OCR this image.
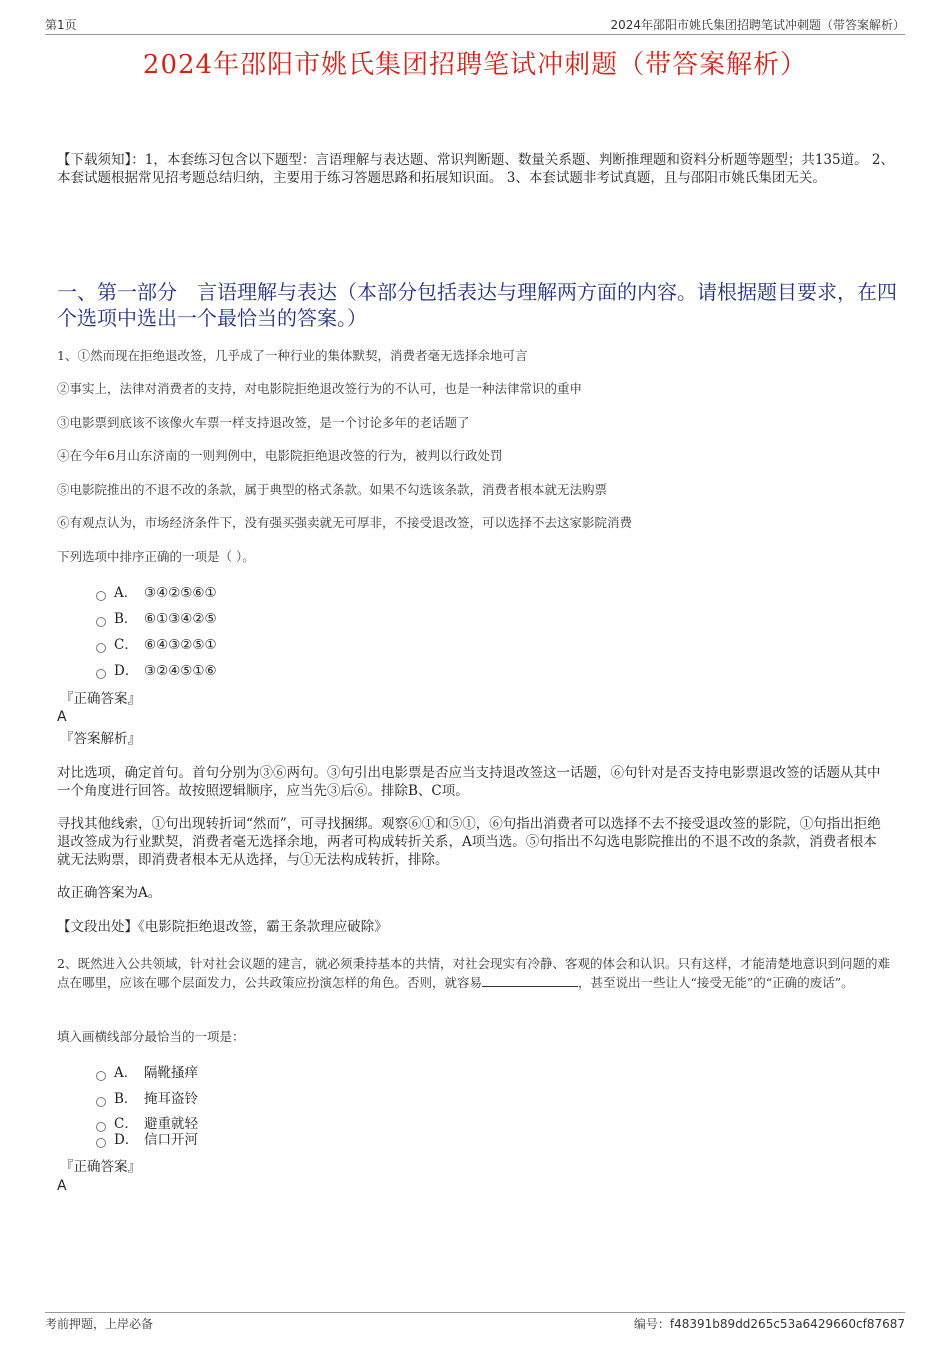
第1页	2024年邵阳市姚氏集团招聘笔试冲刺题（带答案解析）
2024年邵阳市姚氏集团招聘笔试冲刺题（带答案解析）
【下载须知】：1，本套练习包含以下题型：言语理解与表达题、常识判断题、数量关系题、判断推理题和资料分析题等题型；共135道。 2、本套试题根据常见招考题总结归纳，主要用于练习答题思路和拓展知识面。 3、本套试题非考试真题，且与邵阳市姚氏集团无关。
一、第一部分　言语理解与表达（本部分包括表达与理解两方面的内容。请根据题目要求，在四个选项中选出一个最恰当的答案。）
1、①然而现在拒绝退改签，几乎成了一种行业的集体默契，消费者毫无选择余地可言
②事实上，法律对消费者的支持，对电影院拒绝退改签行为的不认可，也是一种法律常识的重申
③电影票到底该不该像火车票一样支持退改签，是一个讨论多年的老话题了
④在今年6月山东济南的一则判例中，电影院拒绝退改签的行为，被判以行政处罚
⑤电影院推出的不退不改的条款，属于典型的格式条款。如果不勾选该条款，消费者根本就无法购票
⑥有观点认为，市场经济条件下，没有强买强卖就无可厚非，不接受退改签，可以选择不去这家影院消费
下列选项中排序正确的一项是（ ）。
A． ③④②⑤⑥①
B． ⑥①③④②⑤
C． ⑥④③②⑤①
D． ③②④⑤①⑥
『正确答案』
A
『答案解析』
对比选项，确定首句。首句分别为③⑥两句。③句引出电影票是否应当支持退改签这一话题，⑥句针对是否支持电影票退改签的话题从其中一个角度进行回答。故按照逻辑顺序，应当先③后⑥。排除B、C项。
寻找其他线索，①句出现转折词“然而”，可寻找捆绑。观察⑥①和⑤①，⑥句指出消费者可以选择不去不接受退改签的影院，①句指出拒绝退改签成为行业默契，消费者毫无选择余地，两者可构成转折关系，A项当选。⑤句指出不勾选电影院推出的不退不改的条款，消费者根本就无法购票，即消费者根本无从选择，与①无法构成转折，排除。
故正确答案为A。
【文段出处】《电影院拒绝退改签，霸王条款理应破除》
2、既然进入公共领域，针对社会议题的建言，就必须秉持基本的共情，对社会现实有冷静、客观的体会和认识。只有这样，才能清楚地意识到问题的难点在哪里，应该在哪个层面发力，公共政策应扮演怎样的角色。否则，就容易	，甚至说出一些让人“接受无能”的“正确的废话”。
填入画横线部分最恰当的一项是：
A． 隔靴搔痒
B． 掩耳盗铃
C． 避重就轻
D． 信口开河
『正确答案』
A
考前押题，上岸必备	编号：f48391b89dd265c53a6429660cf87687
